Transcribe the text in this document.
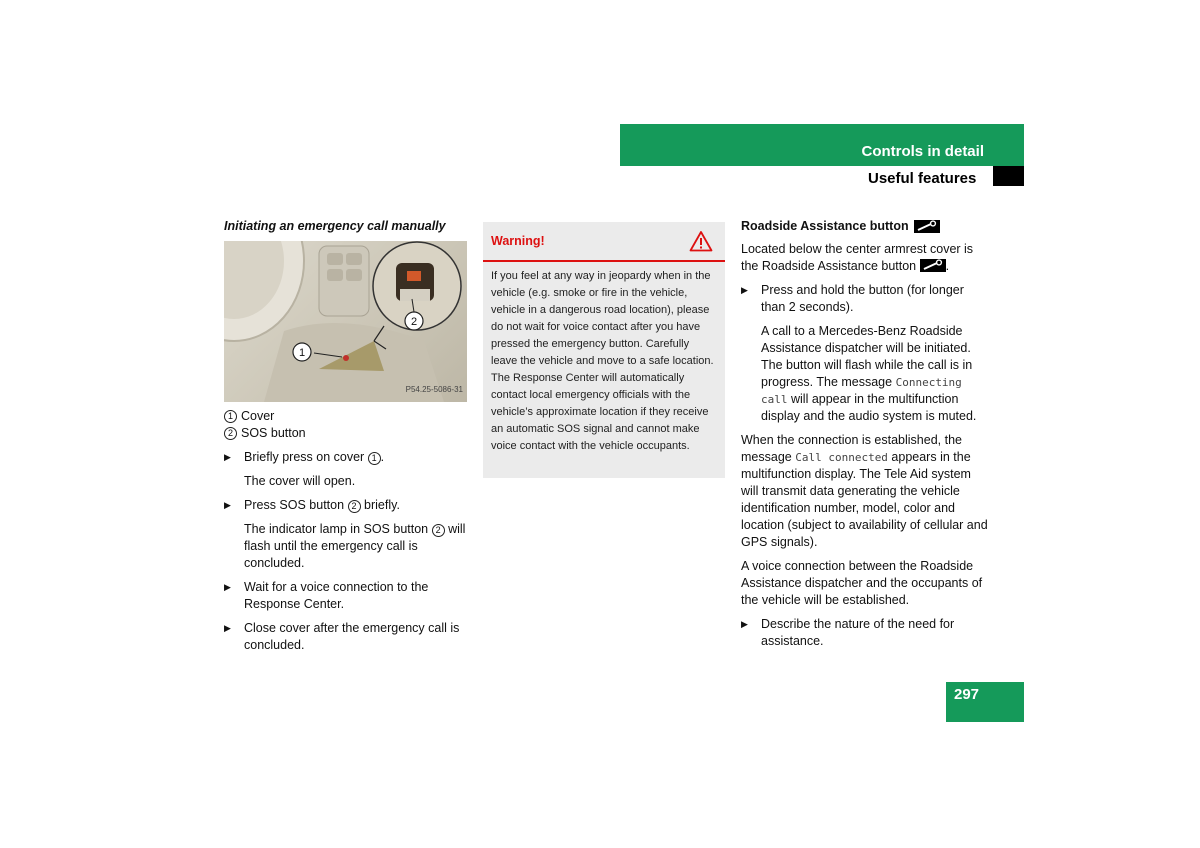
Controls in detail
Useful features
Initiating an emergency call manually
1
2
P54.25-5086-31
1 Cover
2 SOS button
▶	Briefly press on cover 1 .
The cover will open.
▶	Press SOS button 2 briefly.
The indicator lamp in SOS button 2 will flash until the emergency call is concluded.
▶	Wait for a voice connection to the Response Center.
▶	Close cover after the emergency call is concluded.
Warning!
If you feel at any way in jeopardy when in the vehicle (e.g. smoke or fire in the vehicle, vehicle in a dangerous road location), please do not wait for voice contact after you have pressed the emergency button. Carefully leave the vehicle and move to a safe location. The Response Center will automatically contact local emergency officials with the vehicle’s approximate location if they receive an automatic SOS signal and cannot make voice contact with the vehicle occupants.
Roadside Assistance button
Located below the center armrest cover is the Roadside Assistance button .
▶	Press and hold the button (for longer than 2 seconds).
A call to a Mercedes-Benz Roadside Assistance dispatcher will be initiated. The button will flash while the call is in progress. The message Connecting call will appear in the multifunction display and the audio system is muted.
When the connection is established, the message Call connected appears in the multifunction display. The Tele Aid system will transmit data generating the vehicle identification number, model, color and location (subject to availability of cellular and GPS signals).
A voice connection between the Roadside Assistance dispatcher and the occupants of the vehicle will be established.
▶	Describe the nature of the need for assistance.
297
